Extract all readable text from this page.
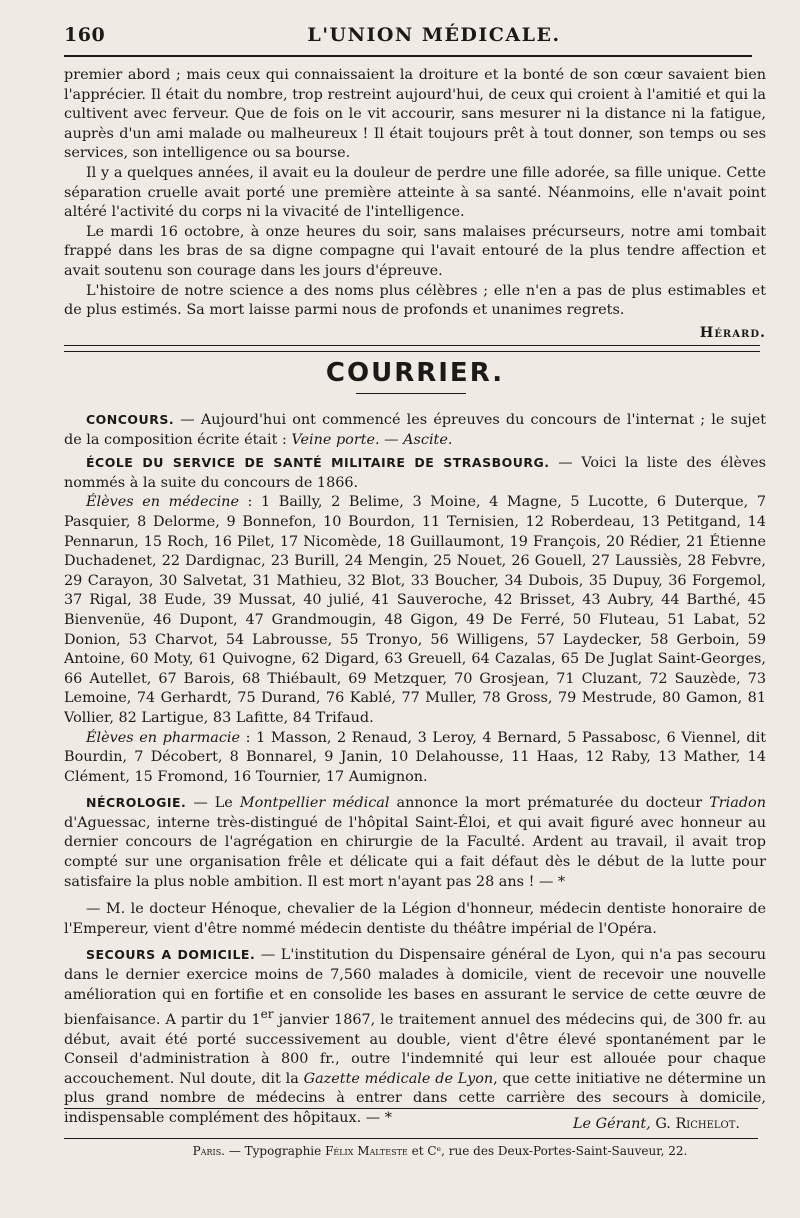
160	L'UNION MÉDICALE.

premier abord ; mais ceux qui connaissaient la droiture et la bonté de son cœur savaient bien l'apprécier. Il était du nombre, trop restreint aujourd'hui, de ceux qui croient à l'amitié et qui la cultivent avec ferveur. Que de fois on le vit accourir, sans mesurer ni la distance ni la fatigue, auprès d'un ami malade ou malheureux ! Il était toujours prêt à tout donner, son temps ou ses services, son intelligence ou sa bourse.

Il y a quelques années, il avait eu la douleur de perdre une fille adorée, sa fille unique. Cette séparation cruelle avait porté une première atteinte à sa santé. Néanmoins, elle n'avait point altéré l'activité du corps ni la vivacité de l'intelligence.

Le mardi 16 octobre, à onze heures du soir, sans malaises précurseurs, notre ami tombait frappé dans les bras de sa digne compagne qui l'avait entouré de la plus tendre affection et avait soutenu son courage dans les jours d'épreuve.

L'histoire de notre science a des noms plus célèbres ; elle n'en a pas de plus estimables et de plus estimés. Sa mort laisse parmi nous de profonds et unanimes regrets.

Hérard.
COURRIER.

CONCOURS. — Aujourd'hui ont commencé les épreuves du concours de l'internat ; le sujet de la composition écrite était : Veine porte. — Ascite.

ÉCOLE DU SERVICE DE SANTÉ MILITAIRE DE STRASBOURG. — Voici la liste des élèves nommés à la suite du concours de 1866.

Élèves en médecine : 1 Bailly, 2 Belime, 3 Moine, 4 Magne, 5 Lucotte, 6 Duterque, 7 Pasquier, 8 Delorme, 9 Bonnefon, 10 Bourdon, 11 Ternisien, 12 Roberdeau, 13 Petitgand, 14 Pennarun, 15 Roch, 16 Pilet, 17 Nicomède, 18 Guillaumont, 19 François, 20 Rédier, 21 Étienne Duchadenet, 22 Dardignac, 23 Burill, 24 Mengin, 25 Nouet, 26 Gouell, 27 Laussiès, 28 Febvre, 29 Carayon, 30 Salvetat, 31 Mathieu, 32 Blot, 33 Boucher, 34 Dubois, 35 Dupuy, 36 Forgemol, 37 Rigal, 38 Eude, 39 Mussat, 40 julié, 41 Sauveroche, 42 Brisset, 43 Aubry, 44 Barthé, 45 Bienvenüe, 46 Dupont, 47 Grandmougin, 48 Gigon, 49 De Ferré, 50 Fluteau, 51 Labat, 52 Donion, 53 Charvot, 54 Labrousse, 55 Tronyo, 56 Willigens, 57 Laydecker, 58 Gerboin, 59 Antoine, 60 Moty, 61 Quivogne, 62 Digard, 63 Greuell, 64 Cazalas, 65 De Juglat Saint-Georges, 66 Autellet, 67 Barois, 68 Thiébault, 69 Metzquer, 70 Grosjean, 71 Cluzant, 72 Sauzède, 73 Lemoine, 74 Gerhardt, 75 Durand, 76 Kablé, 77 Muller, 78 Gross, 79 Mestrude, 80 Gamon, 81 Vollier, 82 Lartigue, 83 Lafitte, 84 Trifaud.

Élèves en pharmacie : 1 Masson, 2 Renaud, 3 Leroy, 4 Bernard, 5 Passabosc, 6 Viennel, dit Bourdin, 7 Décobert, 8 Bonnarel, 9 Janin, 10 Delahousse, 11 Haas, 12 Raby, 13 Mather, 14 Clément, 15 Fromond, 16 Tournier, 17 Aumignon.

NÉCROLOGIE. — Le Montpellier médical annonce la mort prématurée du docteur Triadon d'Aguessac, interne très-distingué de l'hôpital Saint-Éloi, et qui avait figuré avec honneur au dernier concours de l'agrégation en chirurgie de la Faculté. Ardent au travail, il avait trop compté sur une organisation frêle et délicate qui a fait défaut dès le début de la lutte pour satisfaire la plus noble ambition. Il est mort n'ayant pas 28 ans ! — *

— M. le docteur Hénoque, chevalier de la Légion d'honneur, médecin dentiste honoraire de l'Empereur, vient d'être nommé médecin dentiste du théâtre impérial de l'Opéra.

SECOURS A DOMICILE. — L'institution du Dispensaire général de Lyon, qui n'a pas secouru dans le dernier exercice moins de 7,560 malades à domicile, vient de recevoir une nouvelle amélioration qui en fortifie et en consolide les bases en assurant le service de cette œuvre de bienfaisance. A partir du 1er janvier 1867, le traitement annuel des médecins qui, de 300 fr. au début, avait été porté successivement au double, vient d'être élevé spontanément par le Conseil d'administration à 800 fr., outre l'indemnité qui leur est allouée pour chaque accouchement. Nul doute, dit la Gazette médicale de Lyon, que cette initiative ne détermine un plus grand nombre de médecins à entrer dans cette carrière des secours à domicile, indispensable complément des hôpitaux. — *	Le Gérant, G. Richelot.
Paris. — Typographie Félix Malteste et Cᵉ, rue des Deux-Portes-Saint-Sauveur, 22.
